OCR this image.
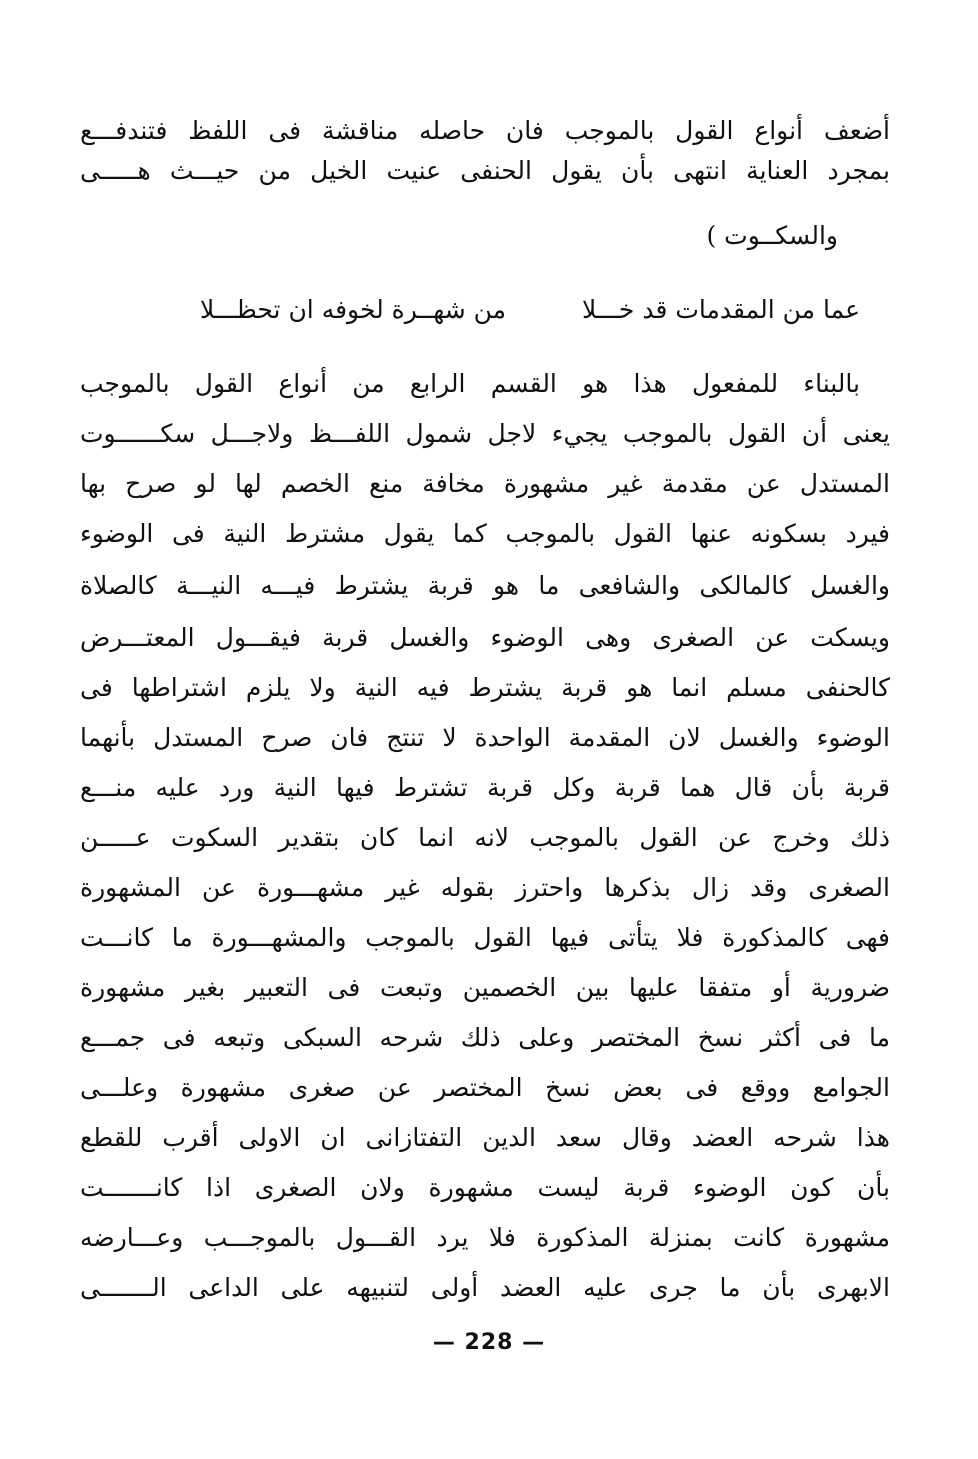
أضعف أنواع القول بالموجب فان حاصله مناقشة فى اللفظ فتندفـــع
بمجرد العناية انتهى بأن يقول الحنفى عنيت الخيل من حيـــث هـــــى
والسكــوت )
عما من المقدمات قد خـــلا
من شهــرة لخوفه ان تحظـــلا
بالبناء للمفعول هذا هو القسم الرابع من أنواع القول بالموجب
يعنى أن القول بالموجب يجيء لاجل شمول اللفـــظ ولاجـــل سكــــــوت
المستدل عن مقدمة غير مشهورة مخافة منع الخصم لها لو صرح بها
فيرد بسكونه عنها القول بالموجب كما يقول مشترط النية فى الوضوء
والغسل كالمالكى والشافعى ما هو قربة يشترط فيـــه النيـــة كالصلاة
ويسكت عن الصغرى وهى الوضوء والغسل قربة فيقـــول المعتـــرض
كالحنفى مسلم انما هو قربة يشترط فيه النية ولا يلزم اشتراطها فى
الوضوء والغسل لان المقدمة الواحدة لا تنتج فان صرح المستدل بأنهما
قربة بأن قال هما قربة وكل قربة تشترط فيها النية ورد عليه منـــع
ذلك وخرج عن القول بالموجب لانه انما كان بتقدير السكوت عـــــن
الصغرى وقد زال بذكرها واحترز بقوله غير مشهـــورة عن المشهورة
فهى كالمذكورة فلا يتأتى فيها القول بالموجب والمشهـــورة ما كانـــت
ضرورية أو متفقا عليها بين الخصمين وتبعت فى التعبير بغير مشهورة
ما فى أكثر نسخ المختصر وعلى ذلك شرحه السبكى وتبعه فى جمـــع
الجوامع ووقع فى بعض نسخ المختصر عن صغرى مشهورة وعلـــى
هذا شرحه العضد وقال سعد الدين التفتازانى ان الاولى أقرب للقطع
بأن كون الوضوء قربة ليست مشهورة ولان الصغرى اذا كانـــــــت
مشهورة كانت بمنزلة المذكورة فلا يرد القـــول بالموجـــب وعـــارضه
الابهرى بأن ما جرى عليه العضد أولى لتنبيهه على الداعى الـــــــى
— 228 —
